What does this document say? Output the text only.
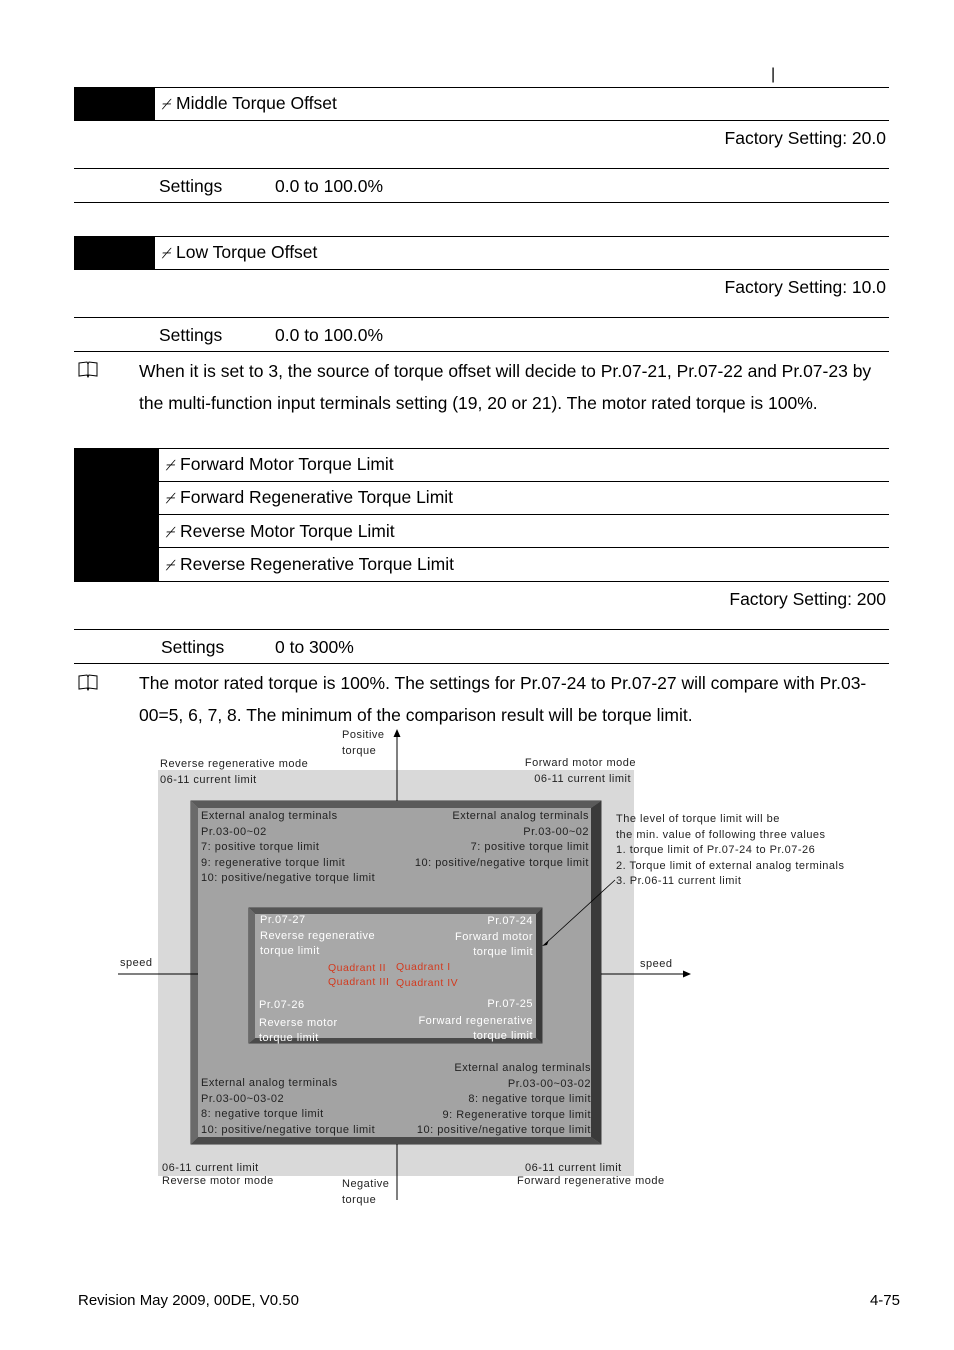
|
⌿ Middle Torque Offset
Factory Setting: 20.0
Settings	0.0 to 100.0%
⌿ Low Torque Offset
Factory Setting: 10.0
Settings	0.0 to 100.0%
When it is set to 3, the source of torque offset will decide to Pr.07-21, Pr.07-22 and Pr.07-23 by the multi-function input terminals setting (19, 20 or 21). The motor rated torque is 100%.
⌿ Forward Motor Torque Limit
⌿ Forward Regenerative Torque Limit
⌿ Reverse Motor Torque Limit
⌿ Reverse Regenerative Torque Limit
Factory Setting: 200
Settings	0 to 300%
The motor rated torque is 100%. The settings for Pr.07-24 to Pr.07-27 will compare with Pr.03-00=5, 6, 7, 8. The minimum of the comparison result will be torque limit.
Positive
torque
Negative
torque
speed	speed
Reverse regenerative mode
06-11 current limit
Forward motor mode
06-11 current limit
06-11 current limit
Reverse motor mode
06-11 current limit
Forward regenerative mode
External analog terminals
Pr.03-00~02
7: positive torque limit
9: regenerative torque limit
10: positive/negative torque limit
External analog terminals
Pr.03-00~02
7: positive torque limit
10: positive/negative torque limit
External analog terminals
Pr.03-00~03-02
8: negative torque limit
10: positive/negative torque limit
External analog terminals
Pr.03-00~03-02
8: negative torque limit
9: Regenerative torque limit
10: positive/negative torque limit
Pr.07-27
Reverse regenerative
torque limit
Pr.07-24
Forward motor
torque limit
Pr.07-26
Reverse motor
torque limit
Pr.07-25
Forward regenerative
torque limit
Quadrant II
Quadrant III
Quadrant I
Quadrant IV
The level of torque limit will be
the min. value of following three values
1. torque limit of Pr.07-24 to Pr.07-26
2. Torque limit of external analog terminals
3. Pr.06-11 current limit
Revision May 2009, 00DE, V0.50	4-75
